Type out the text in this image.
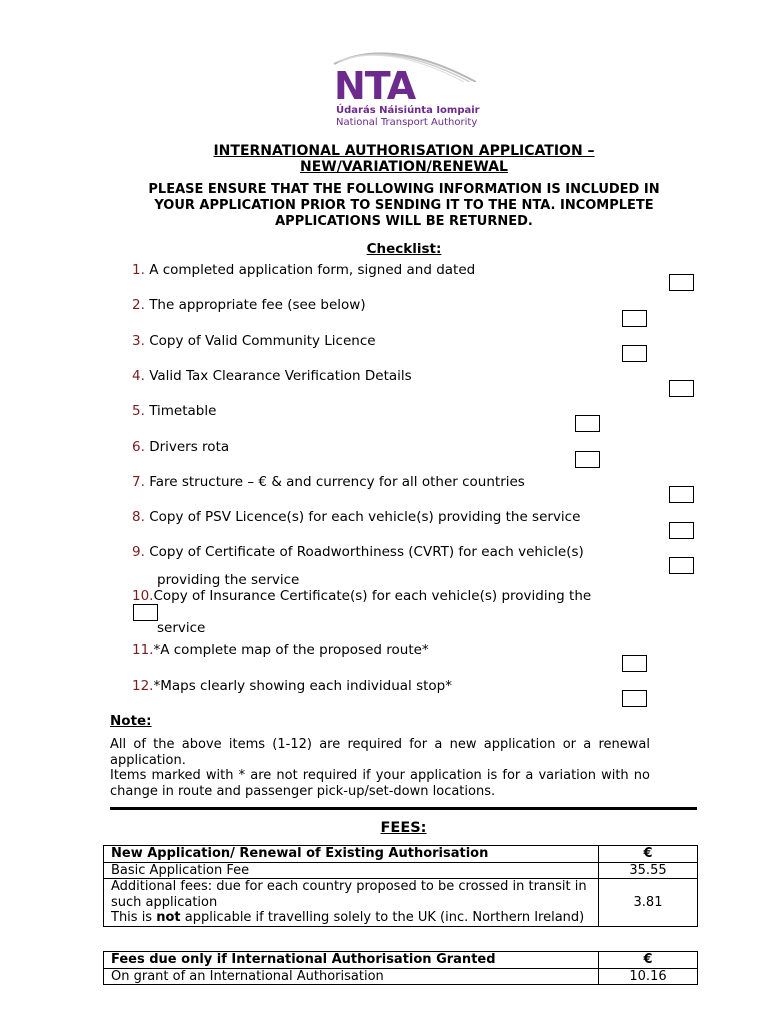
NTA
Údarás Náisiúnta Iompair
National Transport Authority
INTERNATIONAL AUTHORISATION APPLICATION –
NEW/VARIATION/RENEWAL
PLEASE ENSURE THAT THE FOLLOWING INFORMATION IS INCLUDED IN
YOUR APPLICATION PRIOR TO SENDING IT TO THE NTA. INCOMPLETE
APPLICATIONS WILL BE RETURNED.
Checklist:
1. A completed application form, signed and dated
2. The appropriate fee (see below)
3. Copy of Valid Community Licence
4. Valid Tax Clearance Verification Details
5. Timetable
6. Drivers rota
7. Fare structure – € & and currency for all other countries
8. Copy of PSV Licence(s) for each vehicle(s) providing the service
9. Copy of Certificate of Roadworthiness (CVRT) for each vehicle(s)
providing the service
10.Copy of Insurance Certificate(s) for each vehicle(s) providing the
service
11.*A complete map of the proposed route*
12.*Maps clearly showing each individual stop*
Note:
All of the above items (1-12) are required for a new application or a renewal application.
Items marked with * are not required if your application is for a variation with no change in route and passenger pick-up/set-down locations.
FEES:
New Application/ Renewal of Existing Authorisation	€
Basic Application Fee	35.55

Additional fees: due for each country proposed to be crossed in transit in such application
This is not applicable if travelling solely to the UK (inc. Northern Ireland)	3.81
Fees due only if International Authorisation Granted	€
On grant of an International Authorisation	10.16
